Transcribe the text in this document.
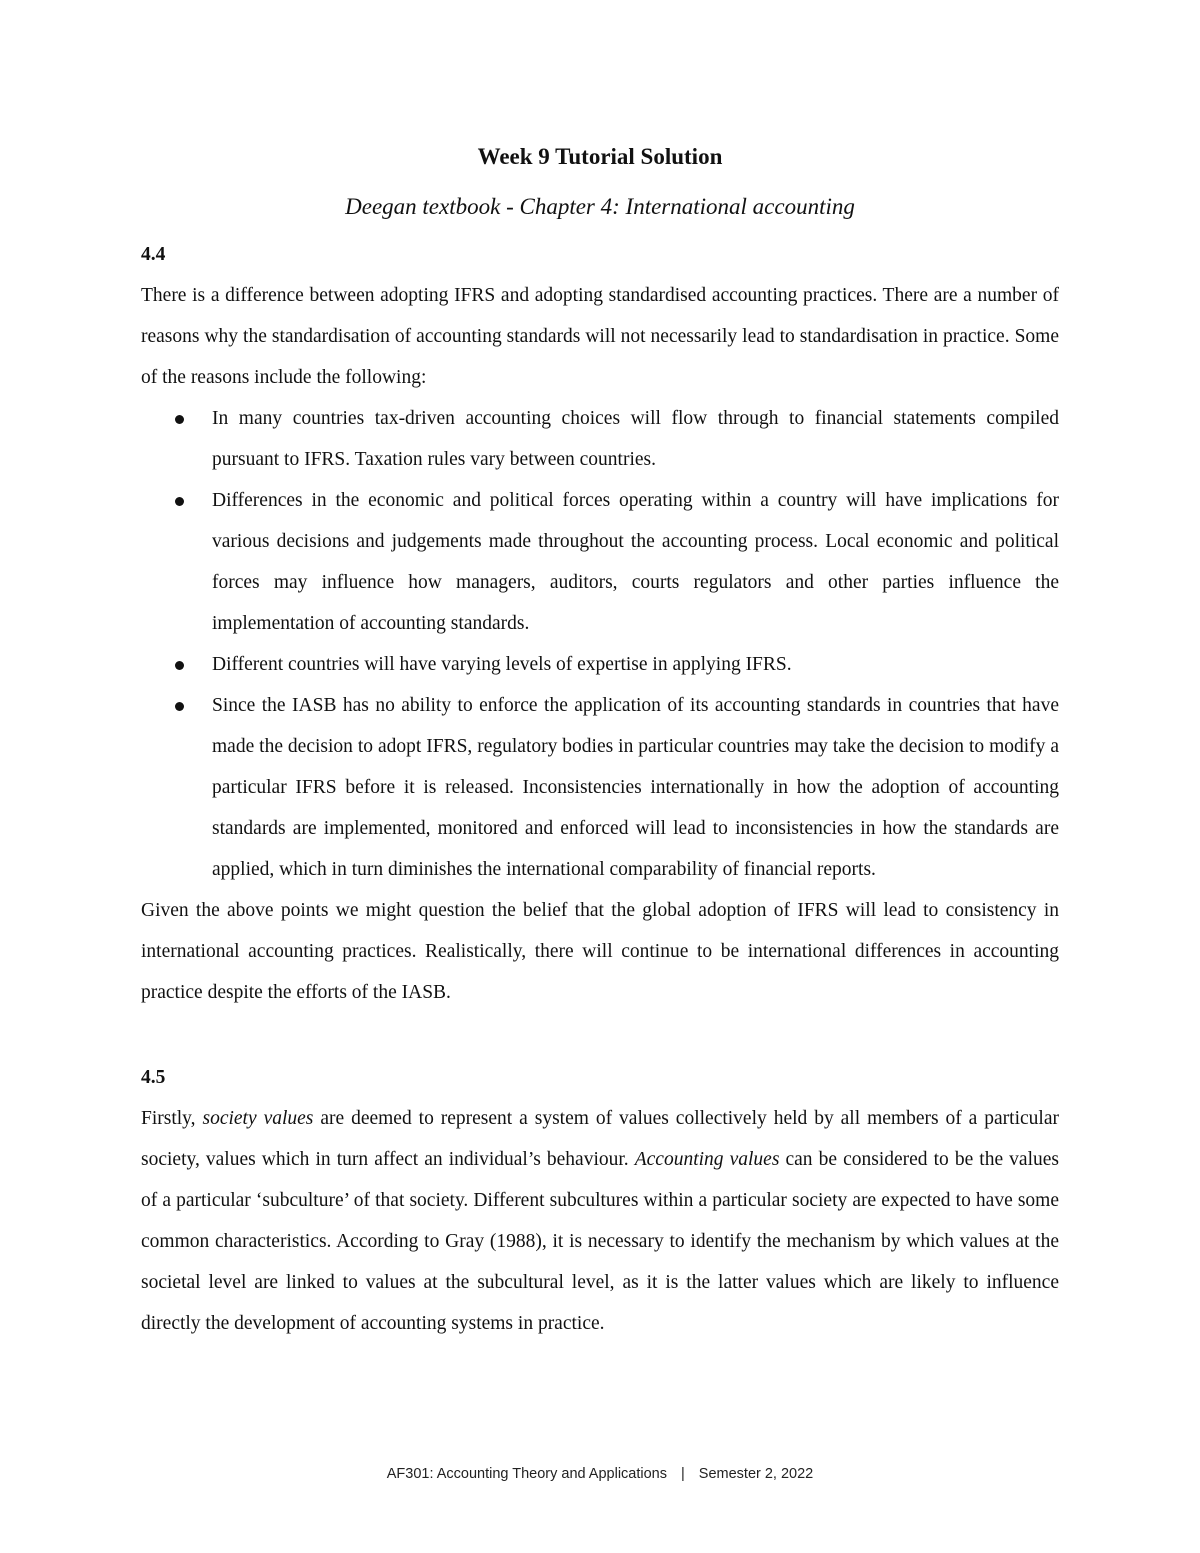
Week 9 Tutorial Solution
Deegan textbook - Chapter 4: International accounting
4.4

There is a difference between adopting IFRS and adopting standardised accounting practices. There are a number of reasons why the standardisation of accounting standards will not necessarily lead to standardisation in practice. Some of the reasons include the following:

In many countries tax-driven accounting choices will flow through to financial statements compiled pursuant to IFRS. Taxation rules vary between countries.
Differences in the economic and political forces operating within a country will have implications for various decisions and judgements made throughout the accounting process. Local economic and political forces may influence how managers, auditors, courts regulators and other parties influence the implementation of accounting standards.
Different countries will have varying levels of expertise in applying IFRS.
Since the IASB has no ability to enforce the application of its accounting standards in countries that have made the decision to adopt IFRS, regulatory bodies in particular countries may take the decision to modify a particular IFRS before it is released. Inconsistencies internationally in how the adoption of accounting standards are implemented, monitored and enforced will lead to inconsistencies in how the standards are applied, which in turn diminishes the international comparability of financial reports.

Given the above points we might question the belief that the global adoption of IFRS will lead to consistency in international accounting practices. Realistically, there will continue to be international differences in accounting practice despite the efforts of the IASB.

4.5

Firstly, society values are deemed to represent a system of values collectively held by all members of a particular society, values which in turn affect an individual’s behaviour. Accounting values can be considered to be the values of a particular ‘subculture’ of that society. Different subcultures within a particular society are expected to have some common characteristics. According to Gray (1988), it is necessary to identify the mechanism by which values at the societal level are linked to values at the subcultural level, as it is the latter values which are likely to influence directly the development of accounting systems in practice.

AF301: Accounting Theory and Applications | Semester 2, 2022
